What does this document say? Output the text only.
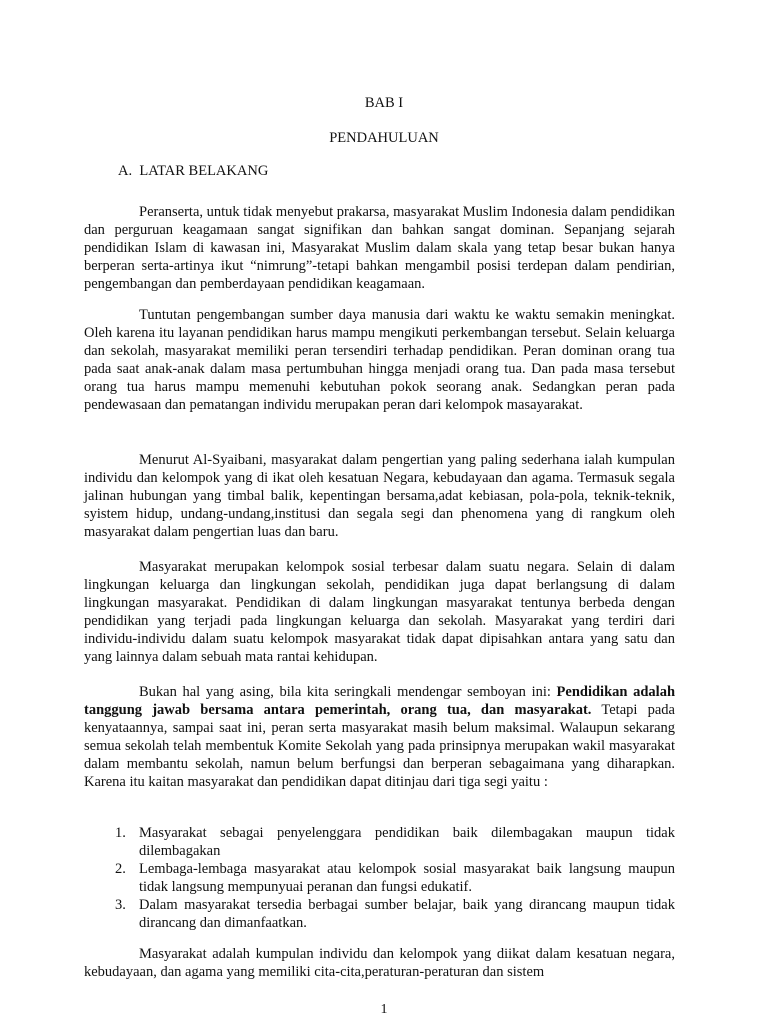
BAB I
PENDAHULUAN
A. LATAR BELAKANG

Peranserta, untuk tidak menyebut prakarsa, masyarakat Muslim Indonesia dalam pendidikan dan perguruan keagamaan sangat signifikan dan bahkan sangat dominan. Sepanjang sejarah pendidikan Islam di kawasan ini, Masyarakat Muslim dalam skala yang tetap besar bukan hanya berperan serta-artinya ikut “nimrung”-tetapi bahkan mengambil posisi terdepan dalam pendirian, pengembangan dan pemberdayaan pendidikan keagamaan.

Tuntutan pengembangan sumber daya manusia dari waktu ke waktu semakin meningkat. Oleh karena itu layanan pendidikan harus mampu mengikuti perkembangan tersebut. Selain keluarga dan sekolah, masyarakat memiliki peran tersendiri terhadap pendidikan. Peran dominan orang tua pada saat anak-anak dalam masa pertumbuhan hingga menjadi orang tua. Dan pada masa tersebut orang tua harus mampu memenuhi kebutuhan pokok seorang anak. Sedangkan peran pada pendewasaan dan pematangan individu merupakan peran dari kelompok masayarakat.

Menurut Al-Syaibani, masyarakat dalam pengertian yang paling sederhana ialah kumpulan individu dan kelompok yang di ikat oleh kesatuan Negara, kebudayaan dan agama. Termasuk segala jalinan hubungan yang timbal balik, kepentingan bersama,adat kebiasan, pola-pola, teknik-teknik, syistem hidup, undang-undang,institusi dan segala segi dan phenomena yang di rangkum oleh masyarakat dalam pengertian luas dan baru.

Masyarakat merupakan kelompok sosial terbesar dalam suatu negara. Selain di dalam lingkungan keluarga dan lingkungan sekolah, pendidikan juga dapat berlangsung di dalam lingkungan masyarakat. Pendidikan di dalam lingkungan masyarakat tentunya berbeda dengan pendidikan yang terjadi pada lingkungan keluarga dan sekolah. Masyarakat yang terdiri dari individu-individu dalam suatu kelompok masyarakat tidak dapat dipisahkan antara yang satu dan yang lainnya dalam sebuah mata rantai kehidupan.

Bukan hal yang asing, bila kita seringkali mendengar semboyan ini: Pendidikan adalah tanggung jawab bersama antara pemerintah, orang tua, dan masyarakat. Tetapi pada kenyataannya, sampai saat ini, peran serta masyarakat masih belum maksimal. Walaupun sekarang semua sekolah telah membentuk Komite Sekolah yang pada prinsipnya merupakan wakil masyarakat dalam membantu sekolah, namun belum berfungsi dan berperan sebagaimana yang diharapkan. Karena itu kaitan masyarakat dan pendidikan dapat ditinjau dari tiga segi yaitu :

1. Masyarakat sebagai penyelenggara pendidikan baik dilembagakan maupun tidak dilembagakan
2. Lembaga-lembaga masyarakat atau kelompok sosial masyarakat baik langsung maupun tidak langsung mempunyuai peranan dan fungsi edukatif.
3. Dalam masyarakat tersedia berbagai sumber belajar, baik yang dirancang maupun tidak dirancang dan dimanfaatkan.

Masyarakat adalah kumpulan individu dan kelompok yang diikat dalam kesatuan negara, kebudayaan, dan agama yang memiliki cita-cita,peraturan-peraturan dan sistem

1
